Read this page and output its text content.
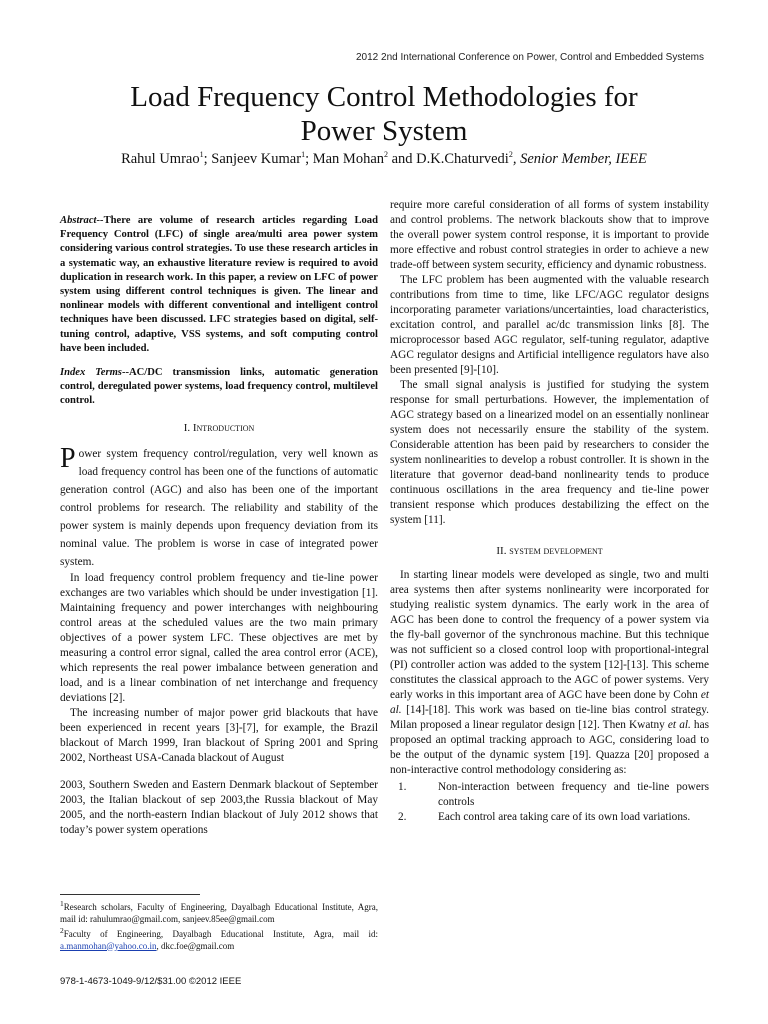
2012 2nd International Conference on Power, Control and Embedded Systems
Load Frequency Control Methodologies for
Power System
Rahul Umrao$^1$; Sanjeev Kumar$^1$; Man Mohan$^2$ and D.K.Chaturvedi$^2$, Senior Member, IEEE

Abstract--There are volume of research articles regarding Load Frequency Control (LFC) of single area/multi area power system considering various control strategies. To use these research articles in a systematic way, an exhaustive literature review is required to avoid duplication in research work. In this paper, a review on LFC of power system using different control techniques is given. The linear and nonlinear models with different conventional and intelligent control techniques have been discussed. LFC strategies based on digital, self-tuning control, adaptive, VSS systems, and soft computing control have been included.

Index Terms--AC/DC transmission links, automatic generation control, deregulated power systems, load frequency control, multilevel control.

I. Introduction

Power system frequency control/regulation, very well known as load frequency control has been one of the functions of automatic generation control (AGC) and also has been one of the important control problems for research. The reliability and stability of the power system is mainly depends upon frequency deviation from its nominal value. The problem is worse in case of integrated power system.

In load frequency control problem frequency and tie-line power exchanges are two variables which should be under investigation [1]. Maintaining frequency and power interchanges with neighbouring control areas at the scheduled values are the two main primary objectives of a power system LFC. These objectives are met by measuring a control error signal, called the area control error (ACE), which represents the real power imbalance between generation and load, and is a linear combination of net interchange and frequency deviations [2].

The increasing number of major power grid blackouts that have been experienced in recent years [3]-[7], for example, the Brazil blackout of March 1999, Iran blackout of Spring 2001 and Spring 2002, Northeast USA-Canada blackout of August

2003, Southern Sweden and Eastern Denmark blackout of September 2003, the Italian blackout of sep 2003,the Russia blackout of May 2005, and the north-eastern Indian blackout of July 2012 shows that today’s power system operations

require more careful consideration of all forms of system instability and control problems. The network blackouts show that to improve the overall power system control response, it is important to provide more effective and robust control strategies in order to achieve a new trade-off between system security, efficiency and dynamic robustness.

The LFC problem has been augmented with the valuable research contributions from time to time, like LFC/AGC regulator designs incorporating parameter variations/uncertainties, load characteristics, excitation control, and parallel ac/dc transmission links [8]. The microprocessor based AGC regulator, self-tuning regulator, adaptive AGC regulator designs and Artificial intelligence regulators have also been presented [9]-[10].

The small signal analysis is justified for studying the system response for small perturbations. However, the implementation of AGC strategy based on a linearized model on an essentially nonlinear system does not necessarily ensure the stability of the system. Considerable attention has been paid by researchers to consider the system nonlinearities to develop a robust controller. It is shown in the literature that governor dead-band nonlinearity tends to produce continuous oscillations in the area frequency and tie-line power transient response which produces destabilizing the effect on the system [11].

II. system development

In starting linear models were developed as single, two and multi area systems then after systems nonlinearity were incorporated for studying realistic system dynamics. The early work in the area of AGC has been done to control the frequency of a power system via the fly-ball governor of the synchronous machine. But this technique was not sufficient so a closed control loop with proportional-integral (PI) controller action was added to the system [12]-[13]. This scheme constitutes the classical approach to the AGC of power systems. Very early works in this important area of AGC have been done by Cohn et al. [14]-[18]. This work was based on tie-line bias control strategy. Milan proposed a linear regulator design [12]. Then Kwatny et al. has proposed an optimal tracking approach to AGC, considering load to be the output of the dynamic system [19]. Quazza [20] proposed a non-interactive control methodology considering as:

1.	Non-interaction between frequency and tie-line powers controls
2.	Each control area taking care of its own load variations.

$^1$Research scholars, Faculty of Engineering, Dayalbagh Educational Institute, Agra, mail id: rahulumrao@gmail.com, sanjeev.85ee@gmail.com

$^2$Faculty of Engineering, Dayalbagh Educational Institute, Agra, mail id: a.manmohan@yahoo.co.in, dkc.foe@gmail.com

978-1-4673-1049-9/12/$31.00 ©2012 IEEE
